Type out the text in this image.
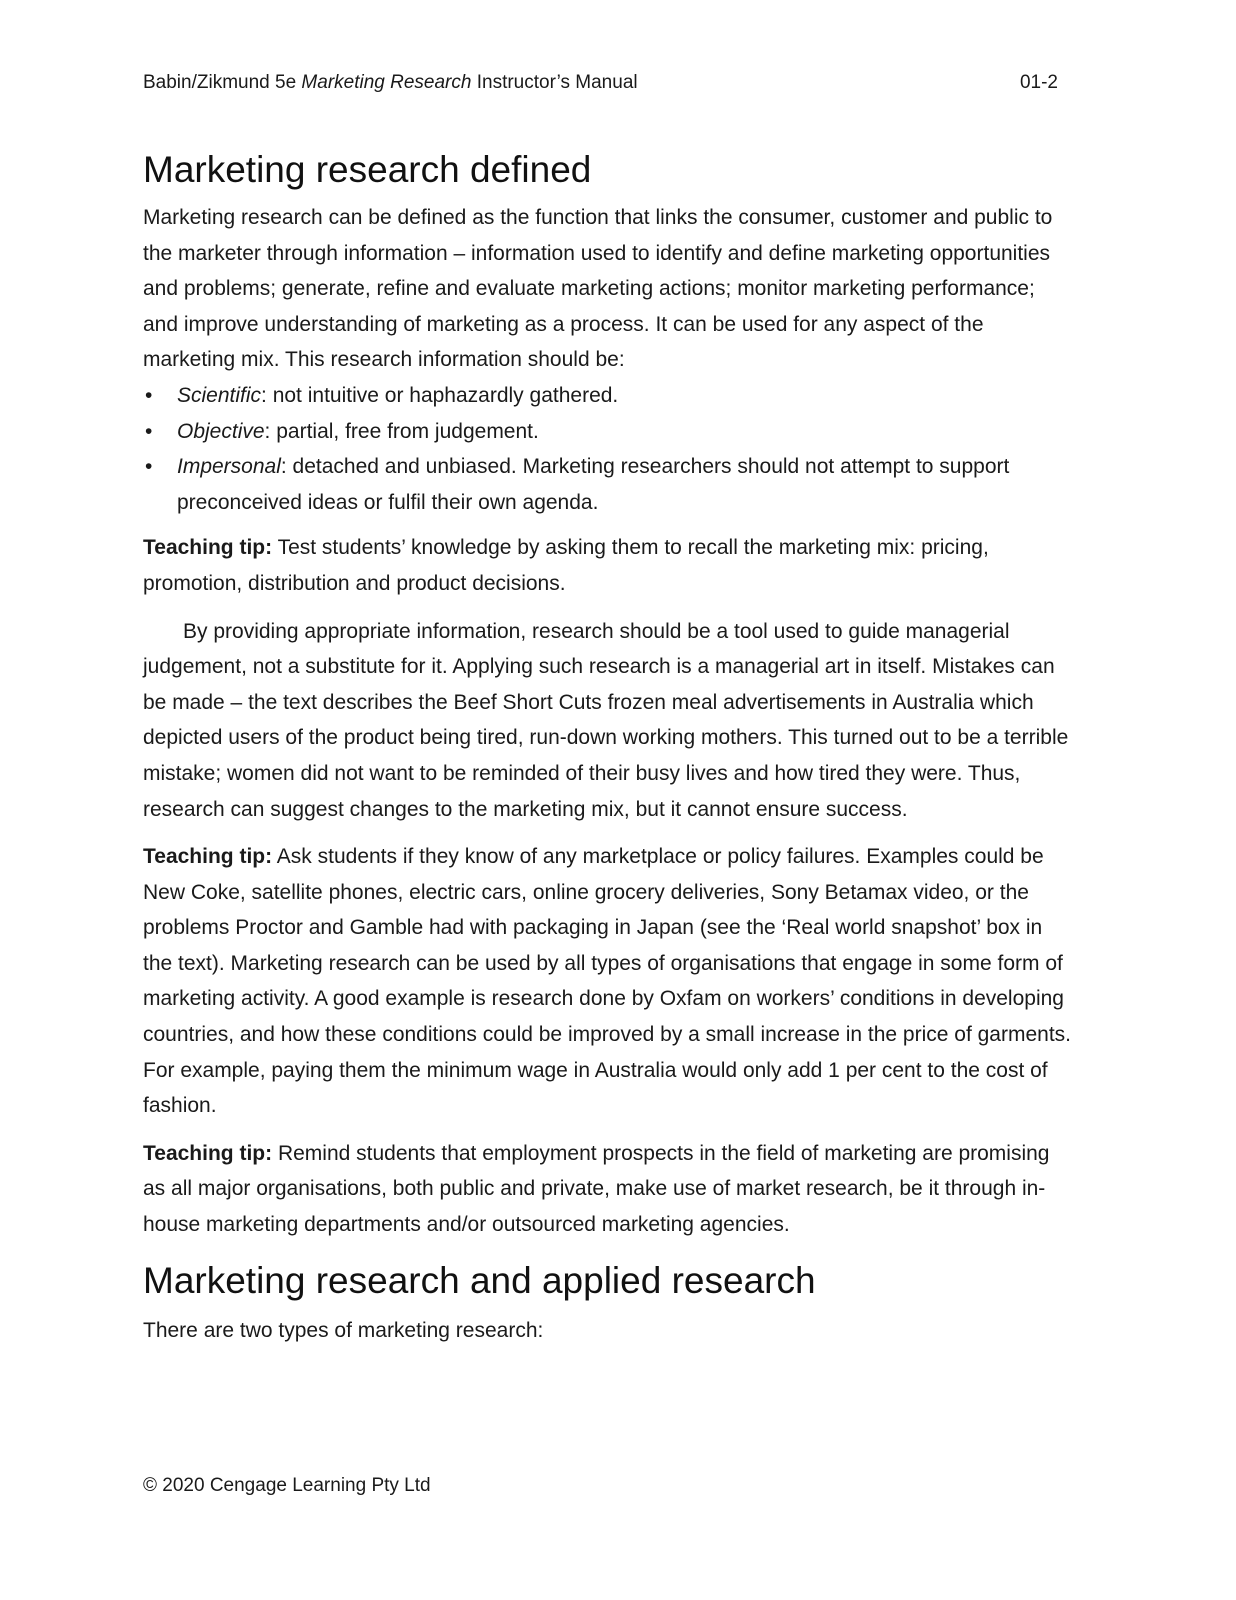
Babin/Zikmund 5e Marketing Research Instructor’s Manual	01-2
Marketing research defined

Marketing research can be defined as the function that links the consumer, customer and public to the marketer through information – information used to identify and define marketing opportunities and problems; generate, refine and evaluate marketing actions; monitor marketing performance; and improve understanding of marketing as a process. It can be used for any aspect of the marketing mix. This research information should be:

• Scientific: not intuitive or haphazardly gathered.
• Objective: partial, free from judgement.
• Impersonal: detached and unbiased. Marketing researchers should not attempt to support preconceived ideas or fulfil their own agenda.

Teaching tip: Test students’ knowledge by asking them to recall the marketing mix: pricing, promotion, distribution and product decisions.

By providing appropriate information, research should be a tool used to guide managerial judgement, not a substitute for it. Applying such research is a managerial art in itself. Mistakes can be made – the text describes the Beef Short Cuts frozen meal advertisements in Australia which depicted users of the product being tired, run-down working mothers. This turned out to be a terrible mistake; women did not want to be reminded of their busy lives and how tired they were. Thus, research can suggest changes to the marketing mix, but it cannot ensure success.

Teaching tip: Ask students if they know of any marketplace or policy failures. Examples could be New Coke, satellite phones, electric cars, online grocery deliveries, Sony Betamax video, or the problems Proctor and Gamble had with packaging in Japan (see the ‘Real world snapshot’ box in the text). Marketing research can be used by all types of organisations that engage in some form of marketing activity. A good example is research done by Oxfam on workers’ conditions in developing countries, and how these conditions could be improved by a small increase in the price of garments. For example, paying them the minimum wage in Australia would only add 1 per cent to the cost of fashion.

Teaching tip: Remind students that employment prospects in the field of marketing are promising as all major organisations, both public and private, make use of market research, be it through in-house marketing departments and/or outsourced marketing agencies.

Marketing research and applied research

There are two types of marketing research:

© 2020 Cengage Learning Pty Ltd
